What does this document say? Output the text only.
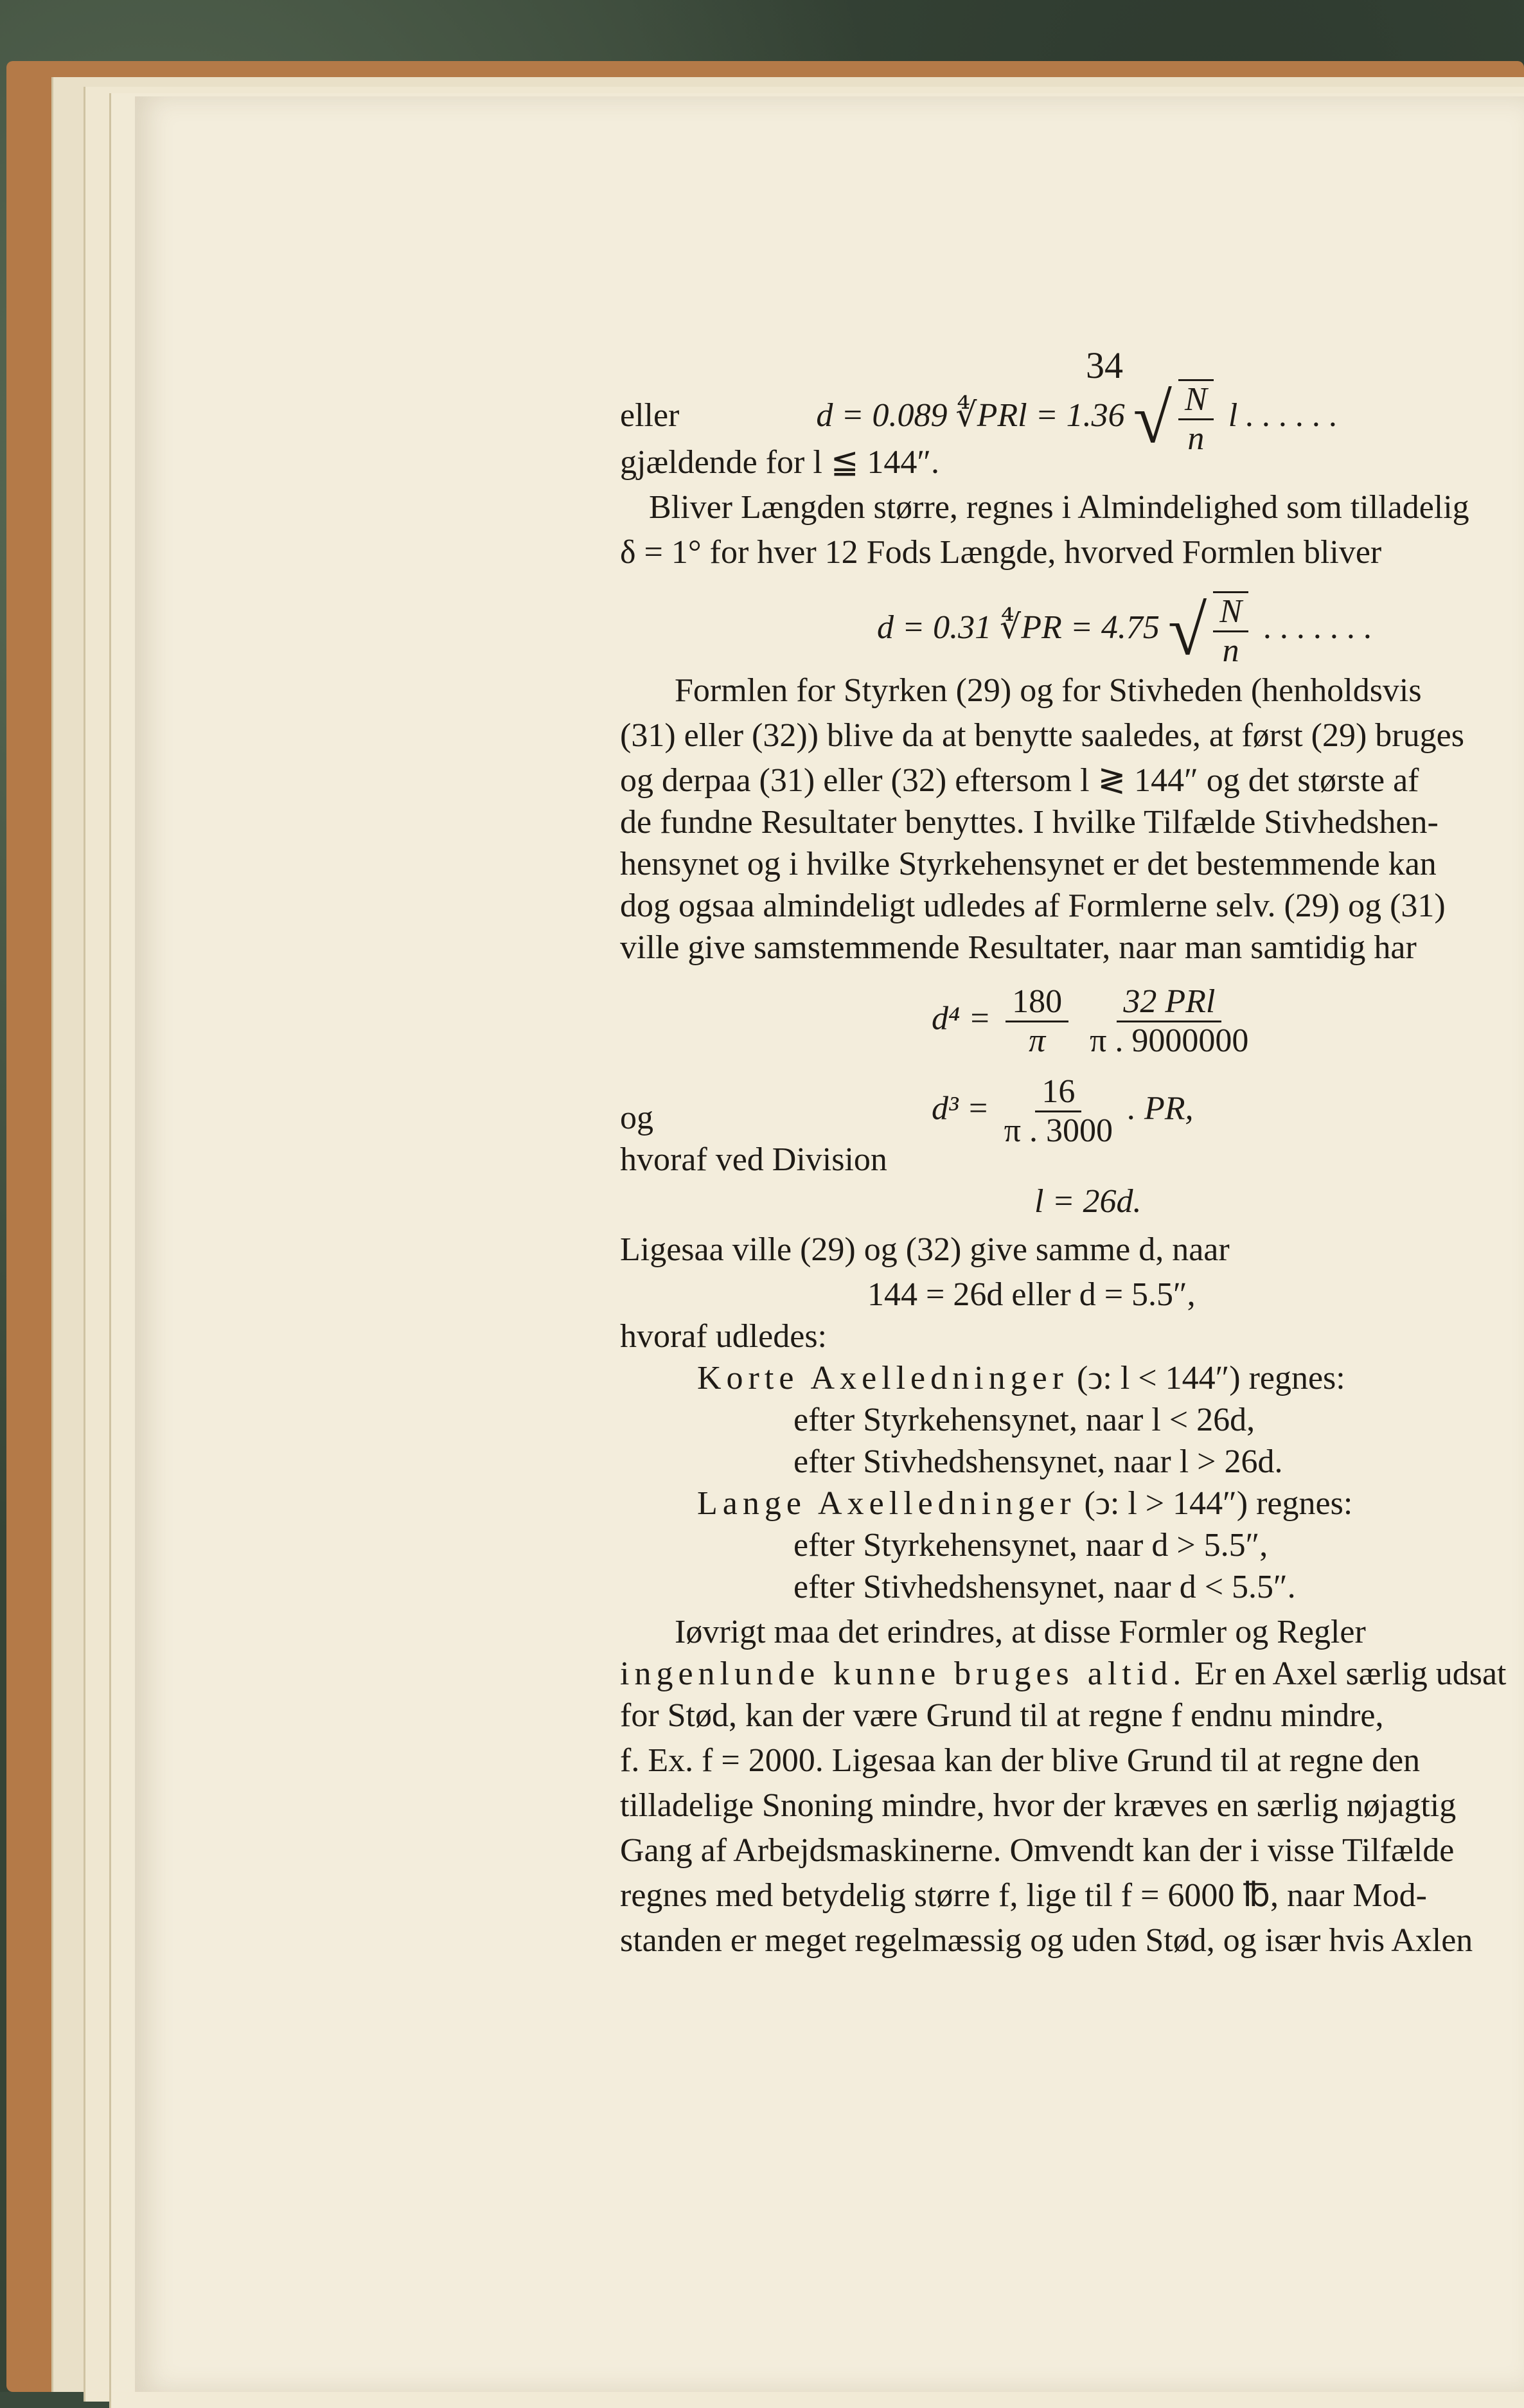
34
eller	d = 0.089 ∜PRl = 1.36 √ $\frac{N}{n}$ l . . . . . .
gjældende for l ≦ 144″.
Bliver Længden større, regnes i Almindelighed som tilladelig
δ = 1° for hver 12 Fods Længde, hvorved Formlen bliver
d = 0.31 ∜PR = 4.75 √ $\frac{N}{n}$ . . . . . . .
Formlen for Styrken (29) og for Stivheden (henholdsvis
(31) eller (32)) blive da at benytte saaledes, at først (29) bruges
og derpaa (31) eller (32) eftersom l ≷ 144″ og det største af
de fundne Resultater benyttes. I hvilke Tilfælde Stivhedshen-
hensynet og i hvilke Styrkehensynet er det bestemmende kan
dog ogsaa almindeligt udledes af Formlerne selv. (29) og (31)
ville give samstemmende Resultater, naar man samtidig har
$d^4 = \frac{180}{\pi}$
$\frac{\text{32 PRl}}{\pi . 9000000}$
og	$d^3 = \frac{16}{\pi . 3000}$ . PR,
hvoraf ved Division
l = 26d.
Ligesaa ville (29) og (32) give samme d, naar
144 = 26d eller d = 5.5″,
hvoraf udledes:
Korte Axelledninger (ↄ: l < 144″) regnes:
efter Styrkehensynet, naar l < 26d,
efter Stivhedshensynet, naar l > 26d.
Lange Axelledninger (ↄ: l > 144″) regnes:
efter Styrkehensynet, naar d > 5.5″,
efter Stivhedshensynet, naar d < 5.5″.
Iøvrigt maa det erindres, at disse Formler og Regler
ingenlunde kunne bruges altid. Er en Axel særlig udsat
for Stød, kan der være Grund til at regne f endnu mindre,
f. Ex. f = 2000. Ligesaa kan der blive Grund til at regne den
tilladelige Snoning mindre, hvor der kræves en særlig nøjagtig
Gang af Arbejdsmaskinerne. Omvendt kan der i visse Tilfælde
regnes med betydelig større f, lige til f = 6000 ℔, naar Mod-
standen er meget regelmæssig og uden Stød, og især hvis Axlen
